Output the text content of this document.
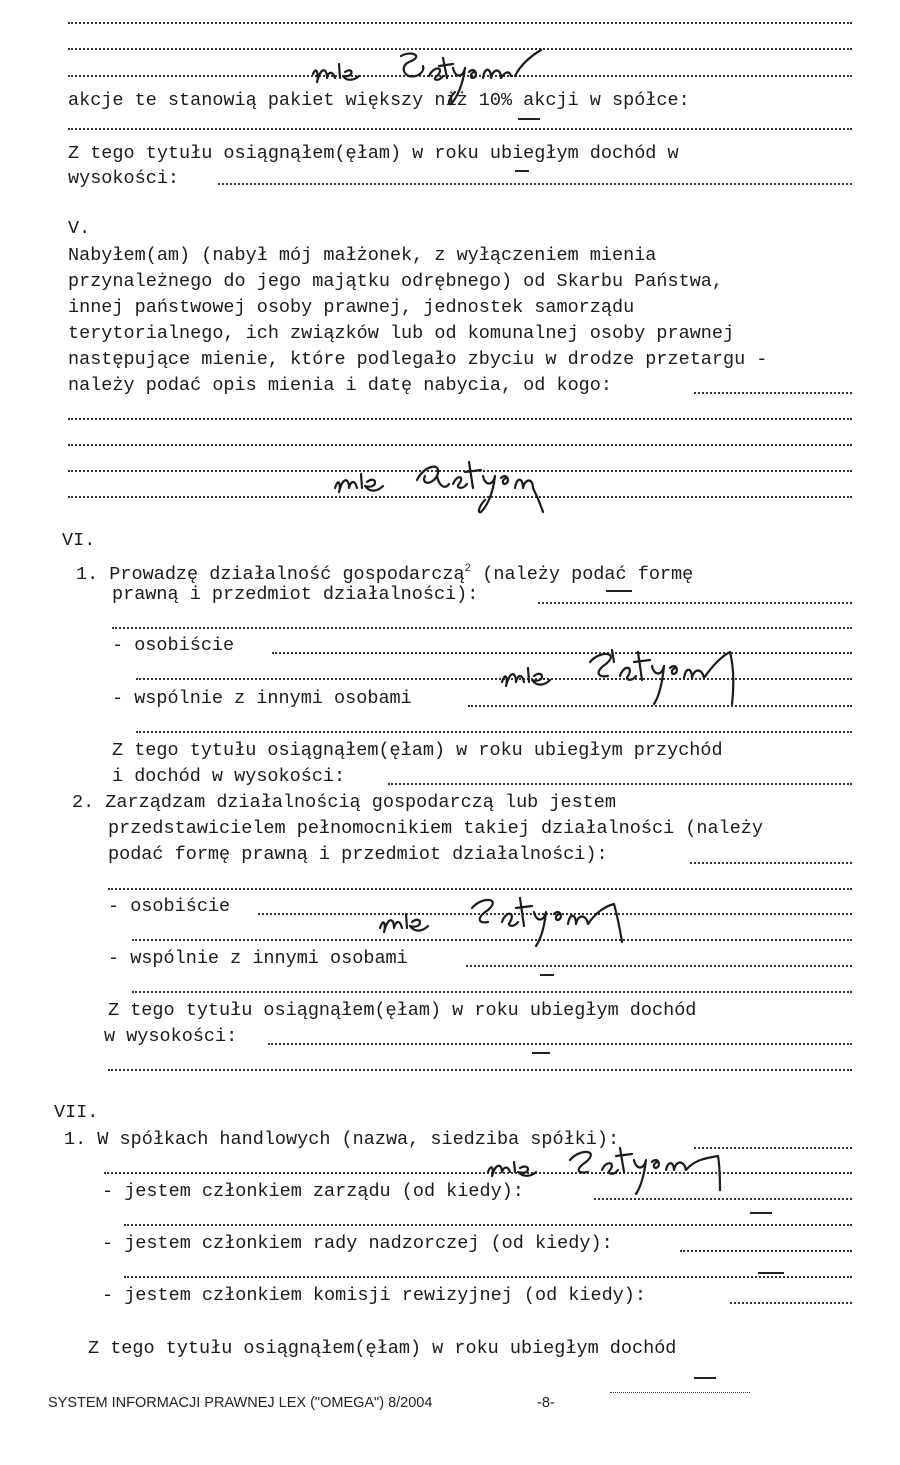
akcje te stanowią pakiet większy niż 10% akcji w spółce:
Z tego tytułu osiągnąłem(ęłam) w roku ubiegłym dochód w
wysokości:
V.
Nabyłem(am) (nabył mój małżonek, z wyłączeniem mienia
przynależnego do jego majątku odrębnego) od Skarbu Państwa,
innej państwowej osoby prawnej, jednostek samorządu
terytorialnego, ich związków lub od komunalnej osoby prawnej
następujące mienie, które podlegało zbyciu w drodze przetargu -
należy podać opis mienia i datę nabycia, od kogo:
VI.
1. Prowadzę działalność gospodarczą$^2$ (należy podać formę
prawną i przedmiot działalności):
- osobiście
- wspólnie z innymi osobami
Z tego tytułu osiągnąłem(ęłam) w roku ubiegłym przychód
i dochód w wysokości:
2. Zarządzam działalnością gospodarczą lub jestem
przedstawicielem pełnomocnikiem takiej działalności (należy
podać formę prawną i przedmiot działalności):
- osobiście
- wspólnie z innymi osobami
Z tego tytułu osiągnąłem(ęłam) w roku ubiegłym dochód
w wysokości:
VII.
1. W spółkach handlowych (nazwa, siedziba spółki):
- jestem członkiem zarządu (od kiedy):
- jestem członkiem rady nadzorczej (od kiedy):
- jestem członkiem komisji rewizyjnej (od kiedy):
Z tego tytułu osiągnąłem(ęłam) w roku ubiegłym dochód
SYSTEM INFORMACJI PRAWNEJ LEX ("OMEGA") 8/2004	-8-
